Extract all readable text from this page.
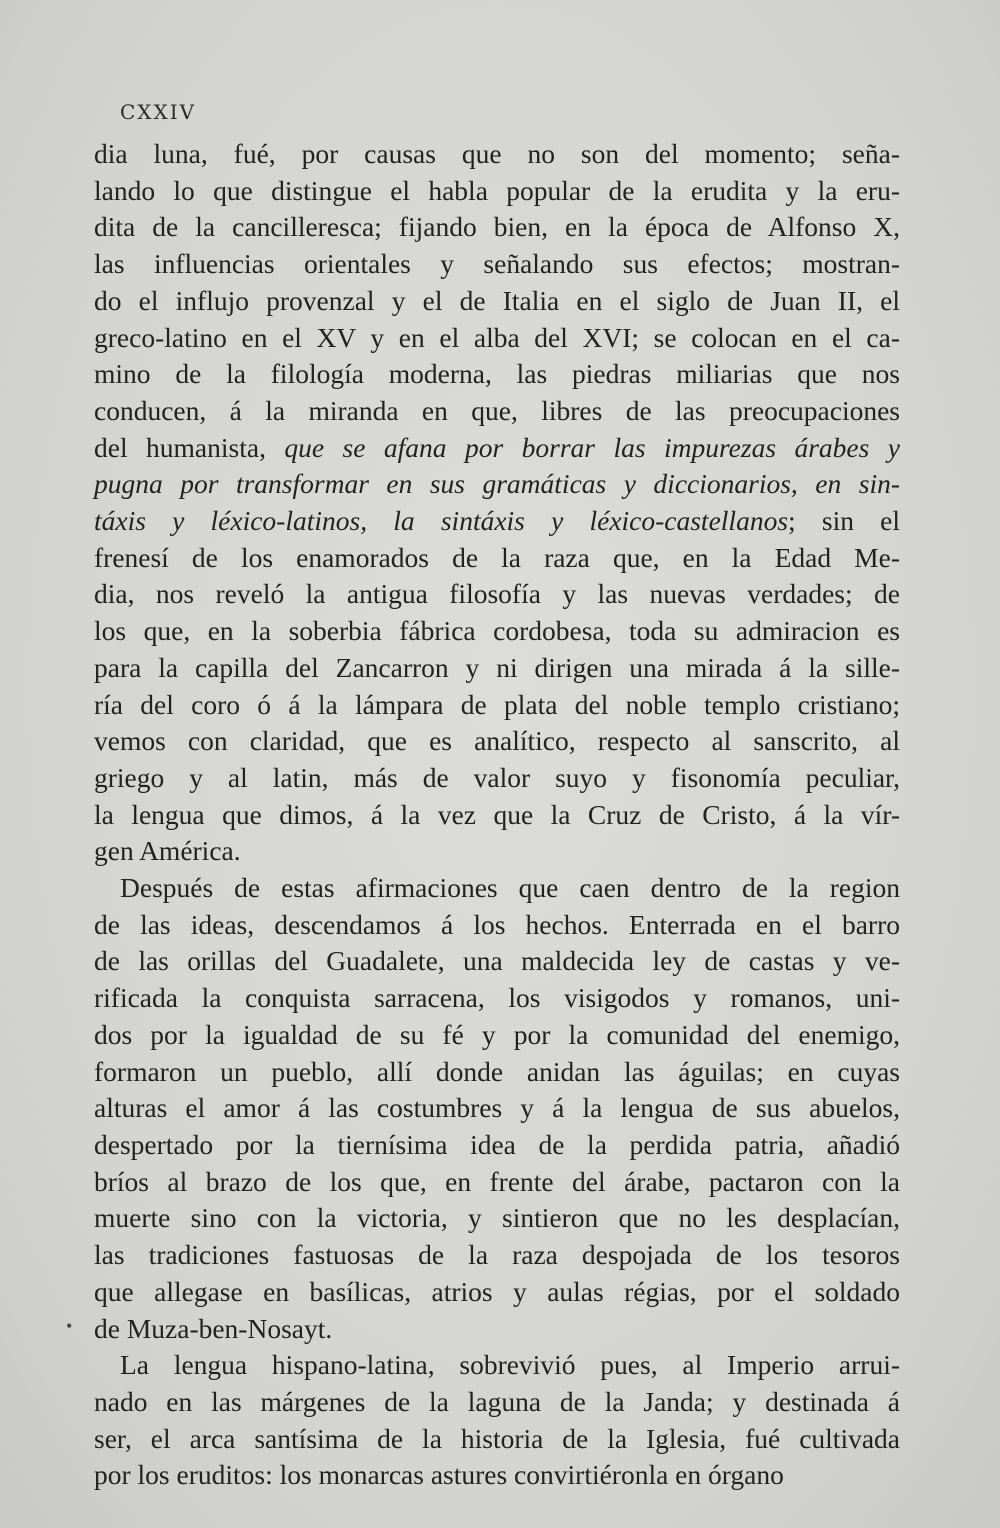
CXXIV
•
dia luna, fué, por causas que no son del momento; seña-
lando lo que distingue el habla popular de la erudita y la eru-
dita de la cancilleresca; fijando bien, en la época de Alfonso X,
las influencias orientales y señalando sus efectos; mostran-
do el influjo provenzal y el de Italia en el siglo de Juan II, el
greco-latino en el XV y en el alba del XVI; se colocan en el ca-
mino de la filología moderna, las piedras miliarias que nos
conducen, á la miranda en que, libres de las preocupaciones
del humanista, que se afana por borrar las impurezas árabes y
pugna por transformar en sus gramáticas y diccionarios, en sin-
táxis y léxico-latinos, la sintáxis y léxico-castellanos; sin el
frenesí de los enamorados de la raza que, en la Edad Me-
dia, nos reveló la antigua filosofía y las nuevas verdades; de
los que, en la soberbia fábrica cordobesa, toda su admiracion es
para la capilla del Zancarron y ni dirigen una mirada á la sille-
ría del coro ó á la lámpara de plata del noble templo cristiano;
vemos con claridad, que es analítico, respecto al sanscrito, al
griego y al latin, más de valor suyo y fisonomía peculiar,
la lengua que dimos, á la vez que la Cruz de Cristo, á la vír-
gen América.
Después de estas afirmaciones que caen dentro de la region
de las ideas, descendamos á los hechos. Enterrada en el barro
de las orillas del Guadalete, una maldecida ley de castas y ve-
rificada la conquista sarracena, los visigodos y romanos, uni-
dos por la igualdad de su fé y por la comunidad del enemigo,
formaron un pueblo, allí donde anidan las águilas; en cuyas
alturas el amor á las costumbres y á la lengua de sus abuelos,
despertado por la tiernísima idea de la perdida patria, añadió
bríos al brazo de los que, en frente del árabe, pactaron con la
muerte sino con la victoria, y sintieron que no les desplacían,
las tradiciones fastuosas de la raza despojada de los tesoros
que allegase en basílicas, atrios y aulas régias, por el soldado
de Muza-ben-Nosayt.
La lengua hispano-latina, sobrevivió pues, al Imperio arrui-
nado en las márgenes de la laguna de la Janda; y destinada á
ser, el arca santísima de la historia de la Iglesia, fué cultivada
por los eruditos: los monarcas astures convirtiéronla en órgano
